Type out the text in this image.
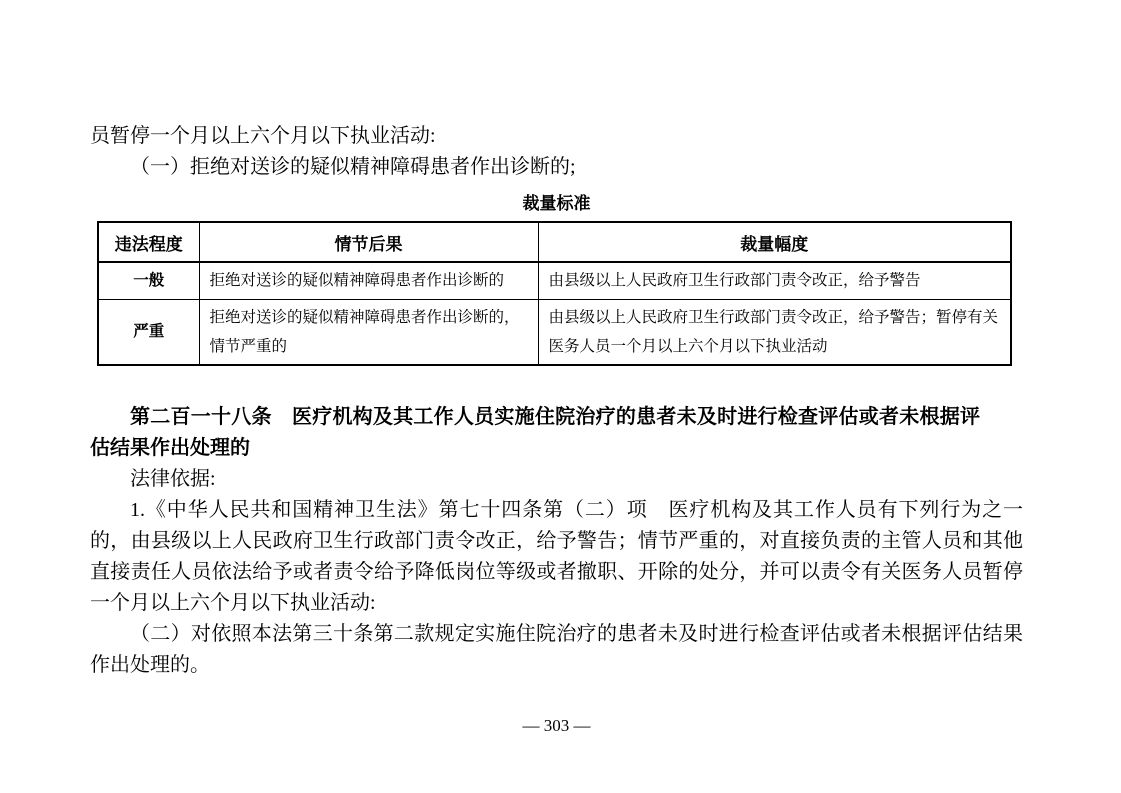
员暂停一个月以上六个月以下执业活动:
（一）拒绝对送诊的疑似精神障碍患者作出诊断的;
裁量标准
违法程度	情节后果	裁量幅度
一般	拒绝对送诊的疑似精神障碍患者作出诊断的	由县级以上人民政府卫生行政部门责令改正，给予警告
严重	拒绝对送诊的疑似精神障碍患者作出诊断的，情节严重的	由县级以上人民政府卫生行政部门责令改正，给予警告；暂停有关医务人员一个月以上六个月以下执业活动
第二百一十八条　医疗机构及其工作人员实施住院治疗的患者未及时进行检查评估或者未根据评估结果作出处理的
法律依据:
1.《中华人民共和国精神卫生法》第七十四条第（二）项　医疗机构及其工作人员有下列行为之一的，由县级以上人民政府卫生行政部门责令改正，给予警告；情节严重的，对直接负责的主管人员和其他直接责任人员依法给予或者责令给予降低岗位等级或者撤职、开除的处分，并可以责令有关医务人员暂停一个月以上六个月以下执业活动:
（二）对依照本法第三十条第二款规定实施住院治疗的患者未及时进行检查评估或者未根据评估结果作出处理的。
— 303 —
